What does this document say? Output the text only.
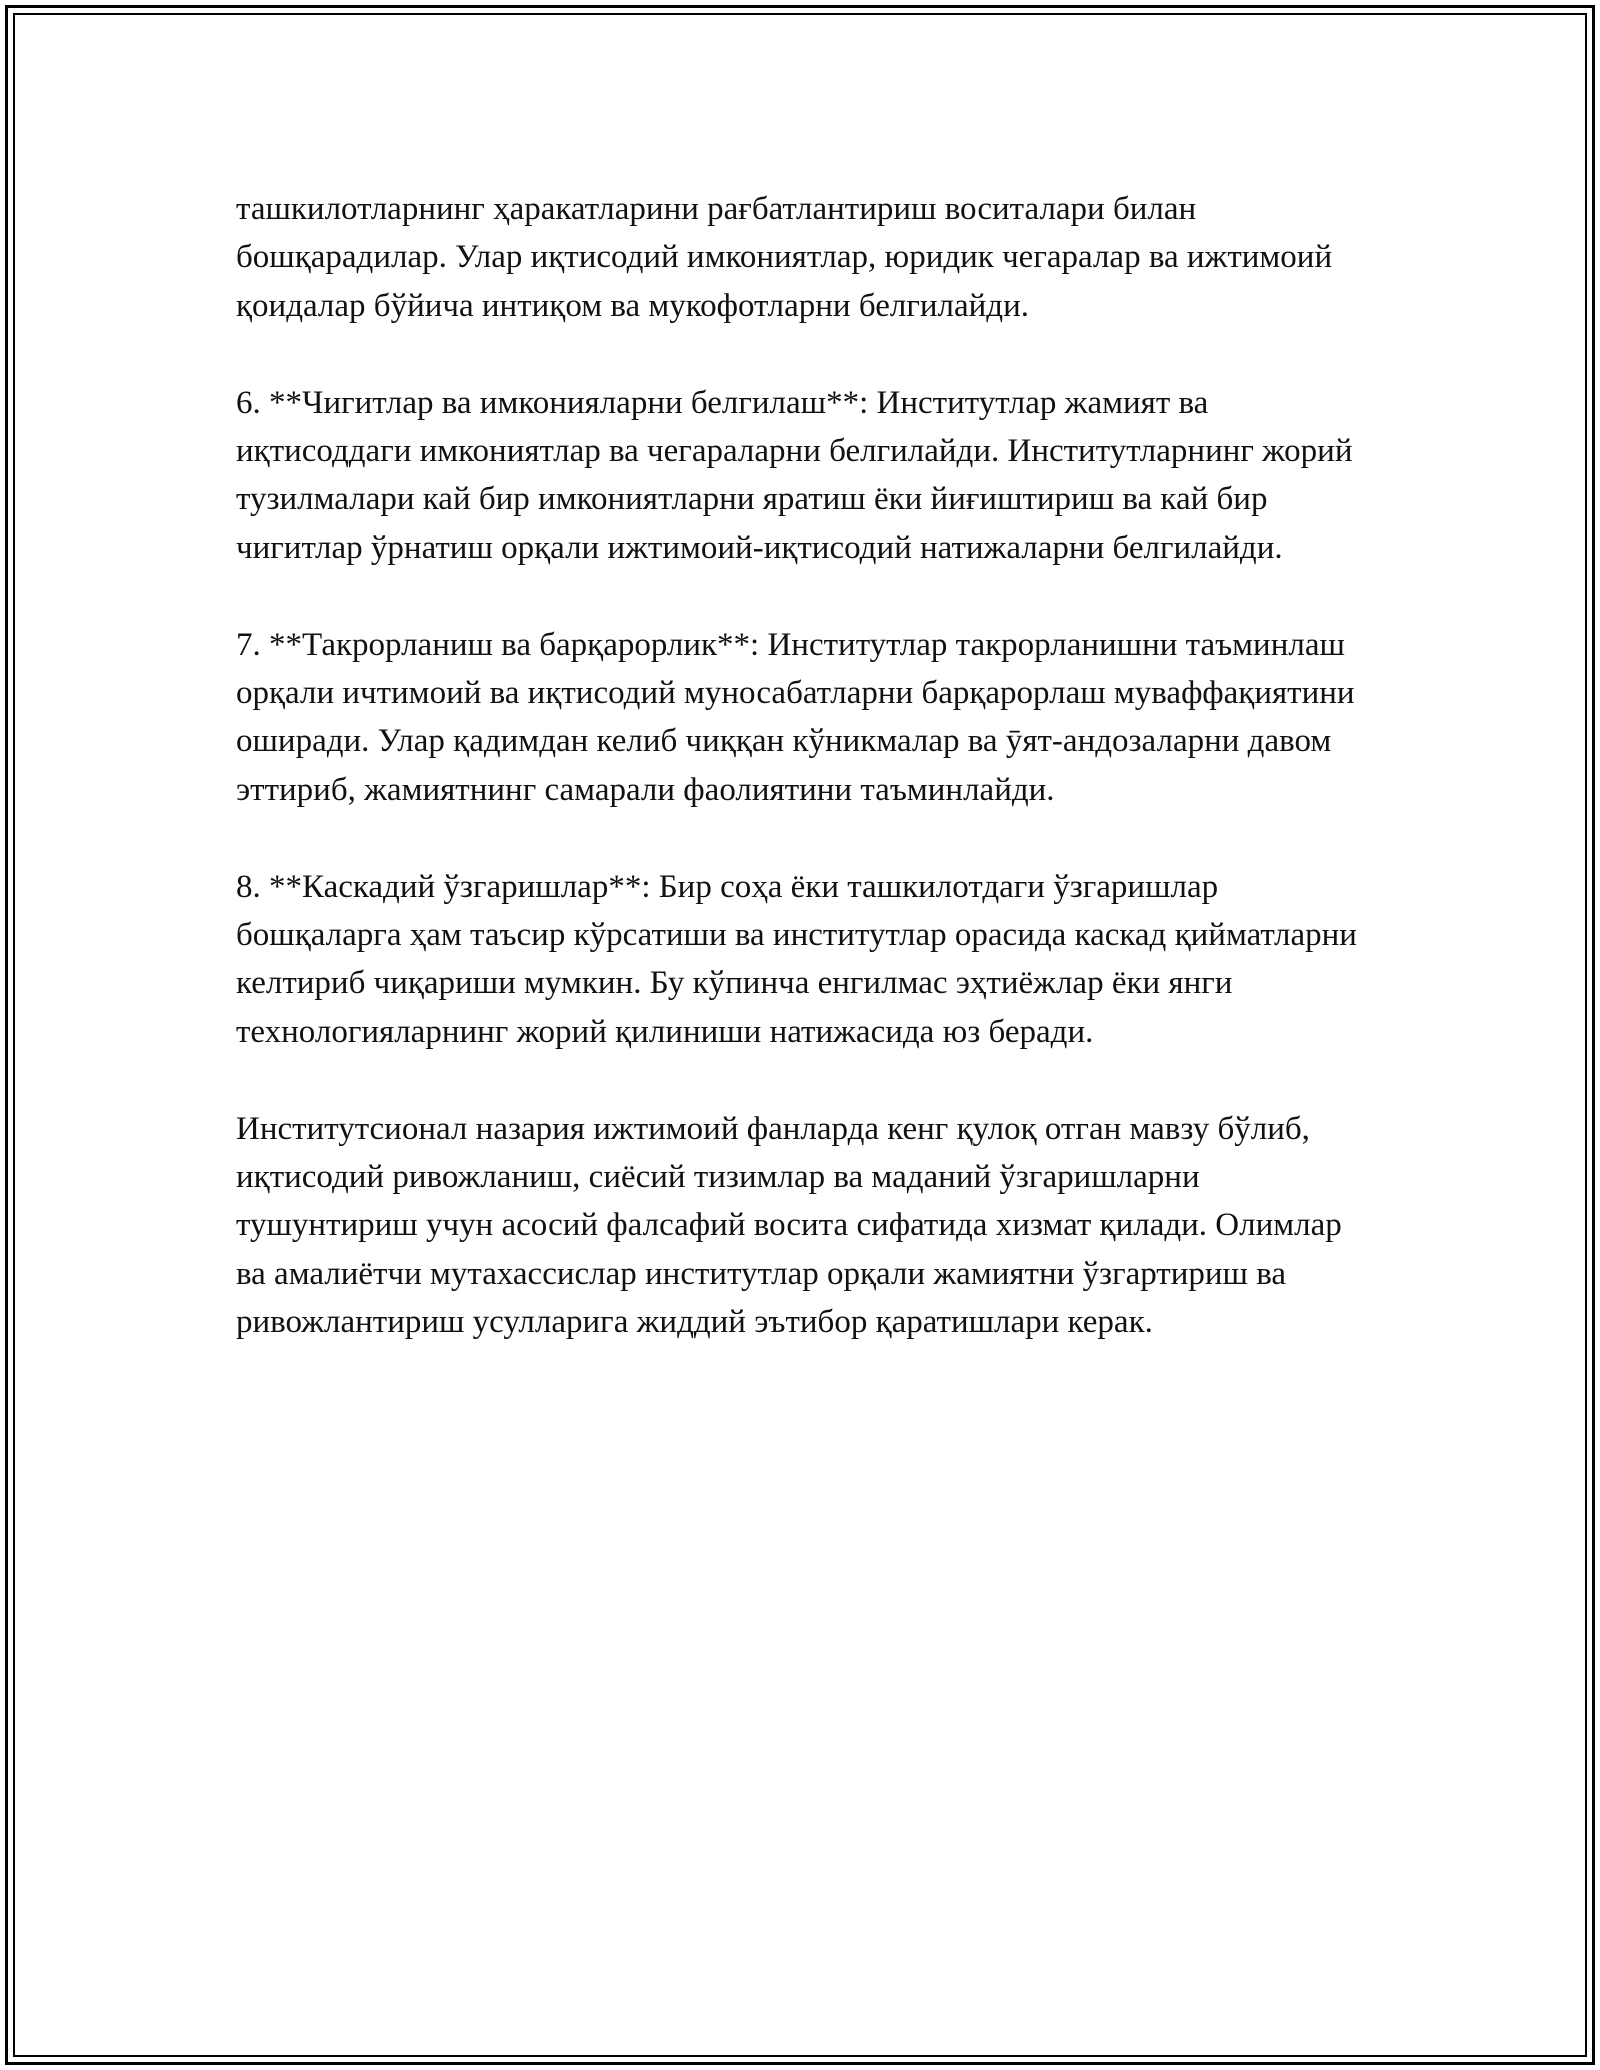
ташкилотларнинг ҳаракатларини рағбатлантириш воситалари билан бошқарадилар. Улар иқтисодий имкониятлар, юридик чегаралар ва ижтимоий қоидалар бўйича интиқом ва мукофотларни белгилайди.

6. **Чигитлар ва имконияларни белгилаш**: Институтлар жамият ва иқтисоддаги имкониятлар ва чегараларни белгилайди. Институтларнинг жорий тузилмалари кай бир имкониятларни яратиш ёки йиғиштириш ва кай бир чигитлар ўрнатиш орқали ижтимоий-иқтисодий натижаларни белгилайди.

7. **Такрорланиш ва барқарорлик**: Институтлар такрорланишни таъминлаш орқали ичтимоий ва иқтисодий муносабатларни барқарорлаш муваффақиятини оширади. Улар қадимдан келиб чиққан кўникмалар ва ӯят-андозаларни давом эттириб, жамиятнинг самарали фаолиятини таъминлайди.

8. **Каскадий ўзгаришлар**: Бир соҳа ёки ташкилотдаги ўзгаришлар бошқаларга ҳам таъсир кўрсатиши ва институтлар орасида каскад қийматларни келтириб чиқариши мумкин. Бу кўпинча енгилмас эҳтиёжлар ёки янги технологияларнинг жорий қилиниши натижасида юз беради.

Институтсионал назария ижтимоий фанларда кенг қулоқ отган мавзу бўлиб, иқтисодий ривожланиш, сиёсий тизимлар ва маданий ўзгаришларни тушунтириш учун асосий фалсафий восита сифатида хизмат қилади. Олимлар ва амалиётчи мутахассислар институтлар орқали жамиятни ўзгартириш ва ривожлантириш усулларига жиддий эътибор қаратишлари керак.
